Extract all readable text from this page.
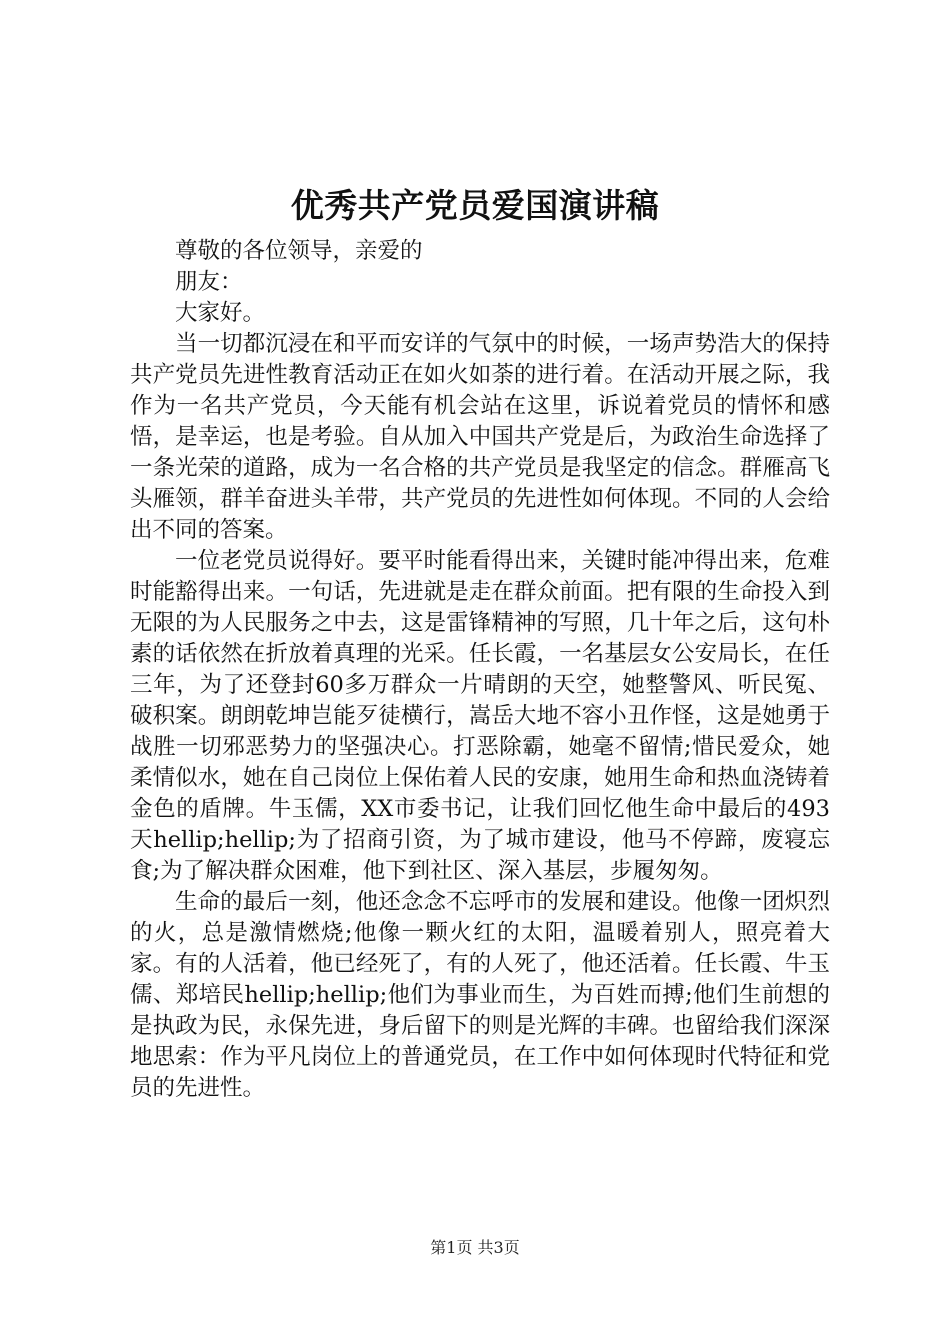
优秀共产党员爱国演讲稿

尊敬的各位领导，亲爱的

朋友：

大家好。

当一切都沉浸在和平而安详的气氛中的时候，一场声势浩大的保持共产党员先进性教育活动正在如火如荼的进行着。在活动开展之际，我作为一名共产党员，今天能有机会站在这里，诉说着党员的情怀和感悟，是幸运，也是考验。自从加入中国共产党是后，为政治生命选择了一条光荣的道路，成为一名合格的共产党员是我坚定的信念。群雁高飞头雁领，群羊奋进头羊带，共产党员的先进性如何体现。不同的人会给出不同的答案。

一位老党员说得好。要平时能看得出来，关键时能冲得出来，危难时能豁得出来。一句话，先进就是走在群众前面。把有限的生命投入到无限的为人民服务之中去，这是雷锋精神的写照，几十年之后，这句朴素的话依然在折放着真理的光采。任长霞，一名基层女公安局长，在任三年，为了还登封60多万群众一片晴朗的天空，她整警风、听民冤、破积案。朗朗乾坤岂能歹徒横行，嵩岳大地不容小丑作怪，这是她勇于战胜一切邪恶势力的坚强决心。打恶除霸，她毫不留情;惜民爱众，她柔情似水，她在自己岗位上保佑着人民的安康，她用生命和热血浇铸着金色的盾牌。牛玉儒，XX市委书记，让我们回忆他生命中最后的493天hellip;hellip;为了招商引资，为了城市建设，他马不停蹄，废寝忘食;为了解决群众困难，他下到社区、深入基层，步履匆匆。

生命的最后一刻，他还念念不忘呼市的发展和建设。他像一团炽烈的火，总是激情燃烧;他像一颗火红的太阳，温暖着别人，照亮着大家。有的人活着，他已经死了，有的人死了，他还活着。任长霞、牛玉儒、郑培民hellip;hellip;他们为事业而生，为百姓而搏;他们生前想的是执政为民，永保先进，身后留下的则是光辉的丰碑。也留给我们深深地思索：作为平凡岗位上的普通党员，在工作中如何体现时代特征和党员的先进性。

第1页 共3页
